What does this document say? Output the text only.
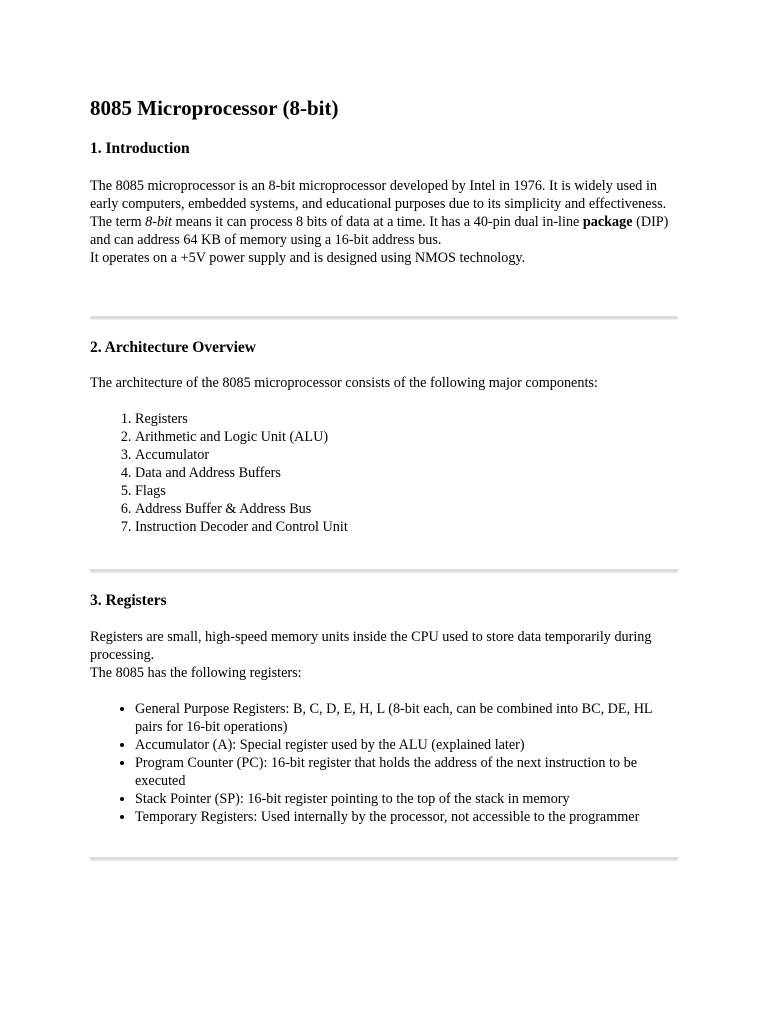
8085 Microprocessor (8-bit)
1. Introduction

The 8085 microprocessor is an 8-bit microprocessor developed by Intel in 1976. It is widely used in early computers, embedded systems, and educational purposes due to its simplicity and effectiveness.

The term 8-bit means it can process 8 bits of data at a time. It has a 40-pin dual in-line package (DIP) and can address 64 KB of memory using a 16-bit address bus.

It operates on a +5V power supply and is designed using NMOS technology.

2. Architecture Overview

The architecture of the 8085 microprocessor consists of the following major components:

1. Registers
2. Arithmetic and Logic Unit (ALU)
3. Accumulator
4. Data and Address Buffers
5. Flags
6. Address Buffer & Address Bus
7. Instruction Decoder and Control Unit
3. Registers

Registers are small, high-speed memory units inside the CPU used to store data temporarily during processing.

The 8085 has the following registers:

• General Purpose Registers: B, C, D, E, H, L (8-bit each, can be combined into BC, DE, HL pairs for 16-bit operations)
• Accumulator (A): Special register used by the ALU (explained later)
• Program Counter (PC): 16-bit register that holds the address of the next instruction to be executed
• Stack Pointer (SP): 16-bit register pointing to the top of the stack in memory
• Temporary Registers: Used internally by the processor, not accessible to the programmer
